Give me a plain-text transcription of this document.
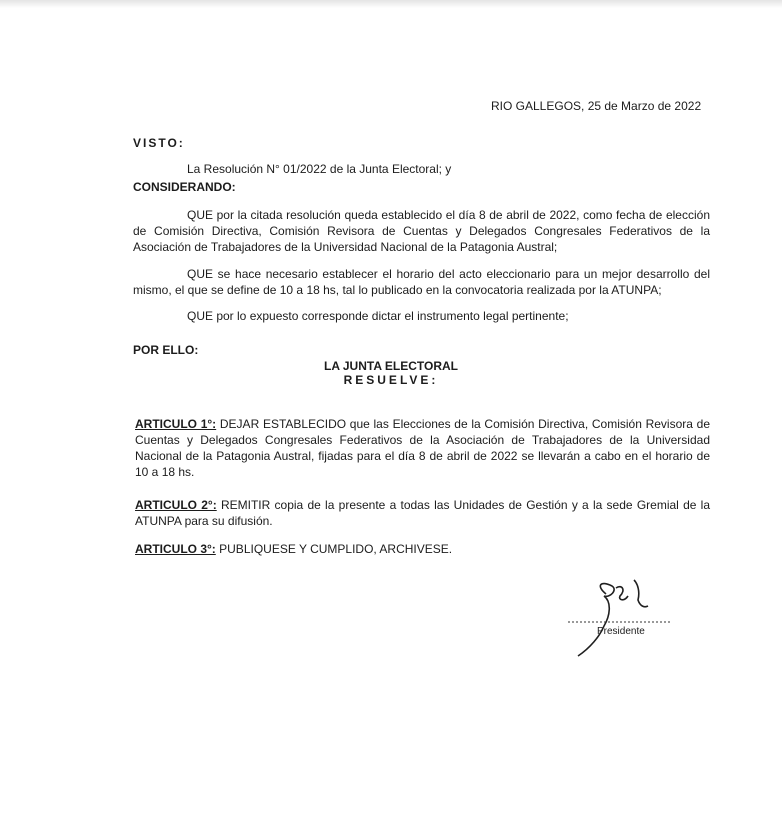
RIO GALLEGOS, 25 de Marzo de 2022
VISTO:
La Resolución N° 01/2022 de la Junta Electoral; y
CONSIDERANDO:
QUE por la citada resolución queda establecido el día 8 de abril de 2022, como fecha de elección de Comisión Directiva, Comisión Revisora de Cuentas y Delegados Congresales Federativos de la Asociación de Trabajadores de la Universidad Nacional de la Patagonia Austral;
QUE se hace necesario establecer el horario del acto eleccionario para un mejor desarrollo del mismo, el que se define de 10 a 18 hs, tal lo publicado en la convocatoria realizada por la ATUNPA;
QUE por lo expuesto corresponde dictar el instrumento legal pertinente;
POR ELLO:
LA JUNTA ELECTORAL
RESUELVE:
ARTICULO 1°: DEJAR ESTABLECIDO que las Elecciones de la Comisión Directiva, Comisión Revisora de Cuentas y Delegados Congresales Federativos de la Asociación de Trabajadores de la Universidad Nacional de la Patagonia Austral, fijadas para el día 8 de abril de 2022 se llevarán a cabo en el horario de 10 a 18 hs.
ARTICULO 2°: REMITIR copia de la presente a todas las Unidades de Gestión y a la sede Gremial de la ATUNPA para su difusión.
ARTICULO 3°: PUBLIQUESE Y CUMPLIDO, ARCHIVESE.
Presidente
